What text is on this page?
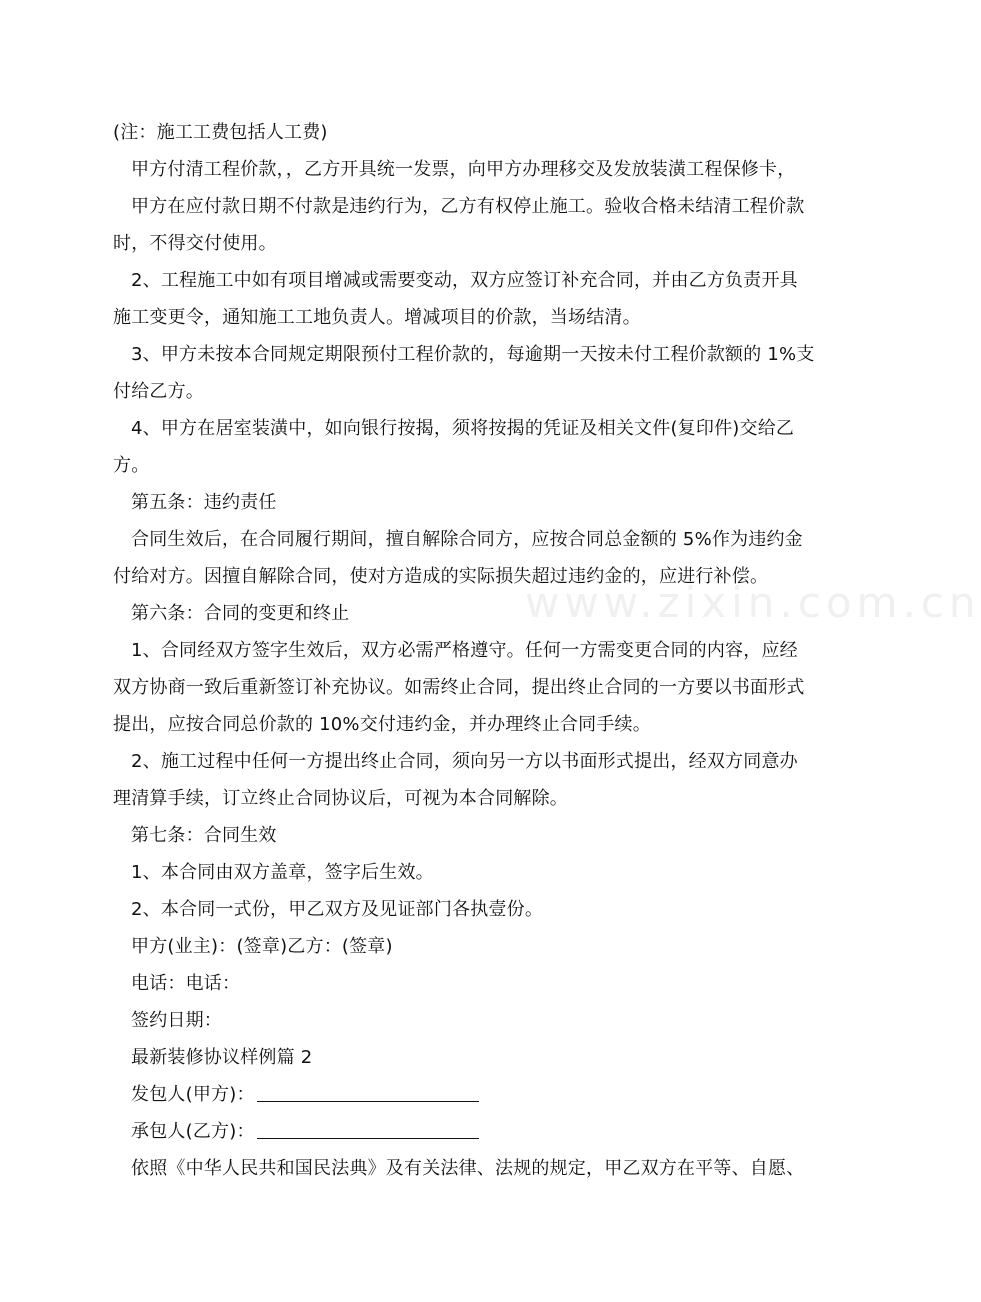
(注：施工工费包括人工费)
甲方付清工程价款，，乙方开具统一发票，向甲方办理移交及发放装潢工程保修卡，
甲方在应付款日期不付款是违约行为，乙方有权停止施工。验收合格未结清工程价款
时，不得交付使用。
2、工程施工中如有项目增减或需要变动，双方应签订补充合同，并由乙方负责开具
施工变更令，通知施工工地负责人。增减项目的价款，当场结清。
3、甲方未按本合同规定期限预付工程价款的，每逾期一天按未付工程价款额的 1%支
付给乙方。
4、甲方在居室装潢中，如向银行按揭，须将按揭的凭证及相关文件(复印件)交给乙
方。
第五条：违约责任
合同生效后，在合同履行期间，擅自解除合同方，应按合同总金额的 5%作为违约金
付给对方。因擅自解除合同，使对方造成的实际损失超过违约金的，应进行补偿。
第六条：合同的变更和终止
1、合同经双方签字生效后，双方必需严格遵守。任何一方需变更合同的内容，应经
双方协商一致后重新签订补充协议。如需终止合同，提出终止合同的一方要以书面形式
提出，应按合同总价款的 10%交付违约金，并办理终止合同手续。
2、施工过程中任何一方提出终止合同，须向另一方以书面形式提出，经双方同意办
理清算手续，订立终止合同协议后，可视为本合同解除。
第七条：合同生效
1、本合同由双方盖章，签字后生效。
2、本合同一式份，甲乙双方及见证部门各执壹份。
甲方(业主)：(签章)乙方：(签章)
电话：电话：
签约日期：
最新装修协议样例篇 2
发包人(甲方)：
承包人(乙方)：
依照《中华人民共和国民法典》及有关法律、法规的规定，甲乙双方在平等、自愿、
www.zixin.com.cn
